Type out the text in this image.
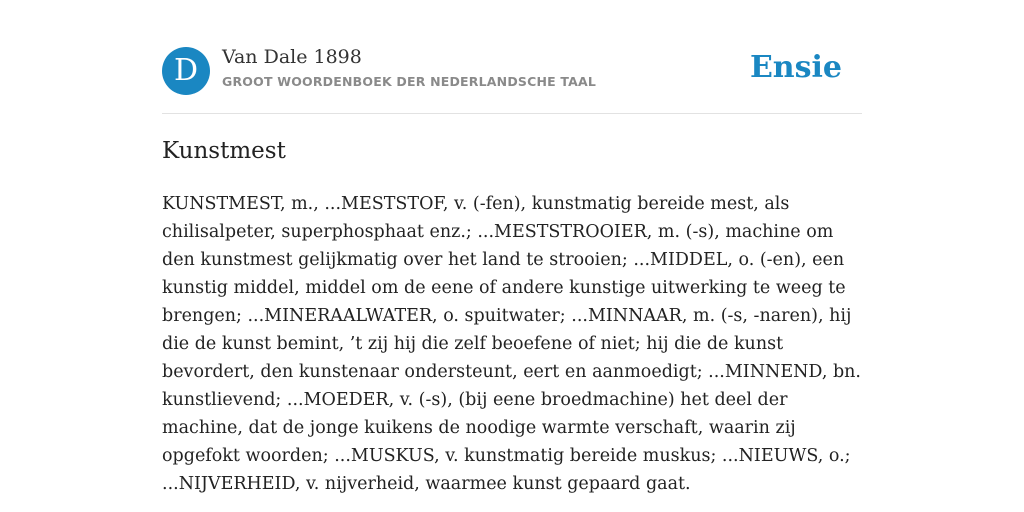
D	Van Dale 1898
GROOT WOORDENBOEK DER NEDERLANDSCHE TAAL	Ensie
Kunstmest

KUNSTMEST, m., ...MESTSTOF, v. (-fen), kunstmatig bereide mest, als chilisalpeter, superphosphaat enz.; ...MESTSTROOIER, m. (-s), machine om den kunstmest gelijkmatig over het land te strooien; ...MIDDEL, o. (-en), een kunstig middel, middel om de eene of andere kunstige uitwerking te weeg te brengen; ...MINERAALWATER, o. spuitwater; ...MINNAAR, m. (-s, -naren), hij die de kunst bemint, ’t zij hij die zelf beoefene of niet; hij die de kunst bevordert, den kunstenaar ondersteunt, eert en aanmoedigt; ...MINNEND, bn. kunstlievend; ...MOEDER, v. (-s), (bij eene broedmachine) het deel der machine, dat de jonge kuikens de noodige warmte verschaft, waarin zij opgefokt woorden; ...MUSKUS, v. kunstmatig bereide muskus; ...NIEUWS, o.; ...NIJVERHEID, v. nijverheid, waarmee kunst gepaard gaat.
